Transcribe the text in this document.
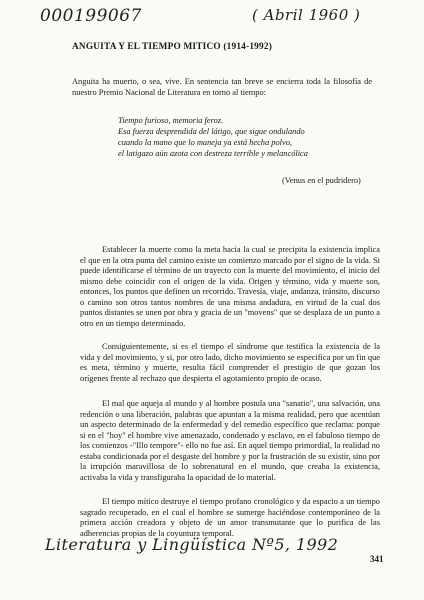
000199067	( Abril 1960 )
ANGUITA Y EL TIEMPO MITICO (1914-1992)
Anguita ha muerto, o sea, vive. En sentencia tan breve se encierra toda la filosofía de nuestro Premio Nacional de Literatura en torno al tiempo:
Tiempo furioso, memoria feroz.
Esa fuerza desprendida del látigo, que sigue ondulando
cuando la mano que lo maneja ya está hecha polvo,
el latigazo aún azota con destreza terrible y melancólica
(Venus en el pudridero)
Establecer la muerte como la meta hacia la cual se precipita la existencia implica el que en la otra punta del camino existe un comienzo marcado por el signo de la vida. Si puede identificarse el término de un trayecto con la muerte del movimiento, el inicio del mismo debe coincidir con el origen de la vida. Origen y término, vida y muerte son, entonces, los puntos que definen un recorrido. Travesía, viaje, andanza, tránsito, discurso o camino son otros tantos nombres de una misma andadura, en virtud de la cual dos puntos distantes se unen por obra y gracia de un "movens" que se desplaza de un punto a otro en un tiempo determinado.
Consiguientemente, si es el tiempo el síndrome que testifica la existencia de la vida y del movimiento, y si, por otro lado, dicho movimiento se especifica por un fin que es meta, término y muerte, resulta fácil comprender el prestigio de que gozan los orígenes frente al rechazo que despierta el agotamiento propio de ocaso.
El mal que aqueja al mundo y al hombre postula una "sanatio", una salvación, una redención o una liberación, palabras que apuntan a la misma realidad, pero que acentúan un aspecto determinado de la enfermedad y del remedio específico que reclama: porque si en el "hoy" el hombre vive amenazado, condenado y esclavo, en el fabuloso tiempo de los comienzos -"Illo tempore"- ello no fue así. En aquel tiempo primordial, la realidad no estaba condicionada por el desgaste del hombre y por la frustración de su existir, sino por la irrupción maravillosa de lo sobrenatural en el mundo, que creaba la existencia, activaba la vida y transfiguraba la opacidad de lo material.
El tiempo mítico destruye el tiempo profano cronológico y da espacio a un tiempo sagrado recuperado, en el cual el hombre se sumerge haciéndose contemporáneo de la primera acción creadora y objeto de un amor transmutante que lo purifica de las adherencias propias de la coyuntura temporal.
Literatura y Lingüística Nº5, 1992
341
